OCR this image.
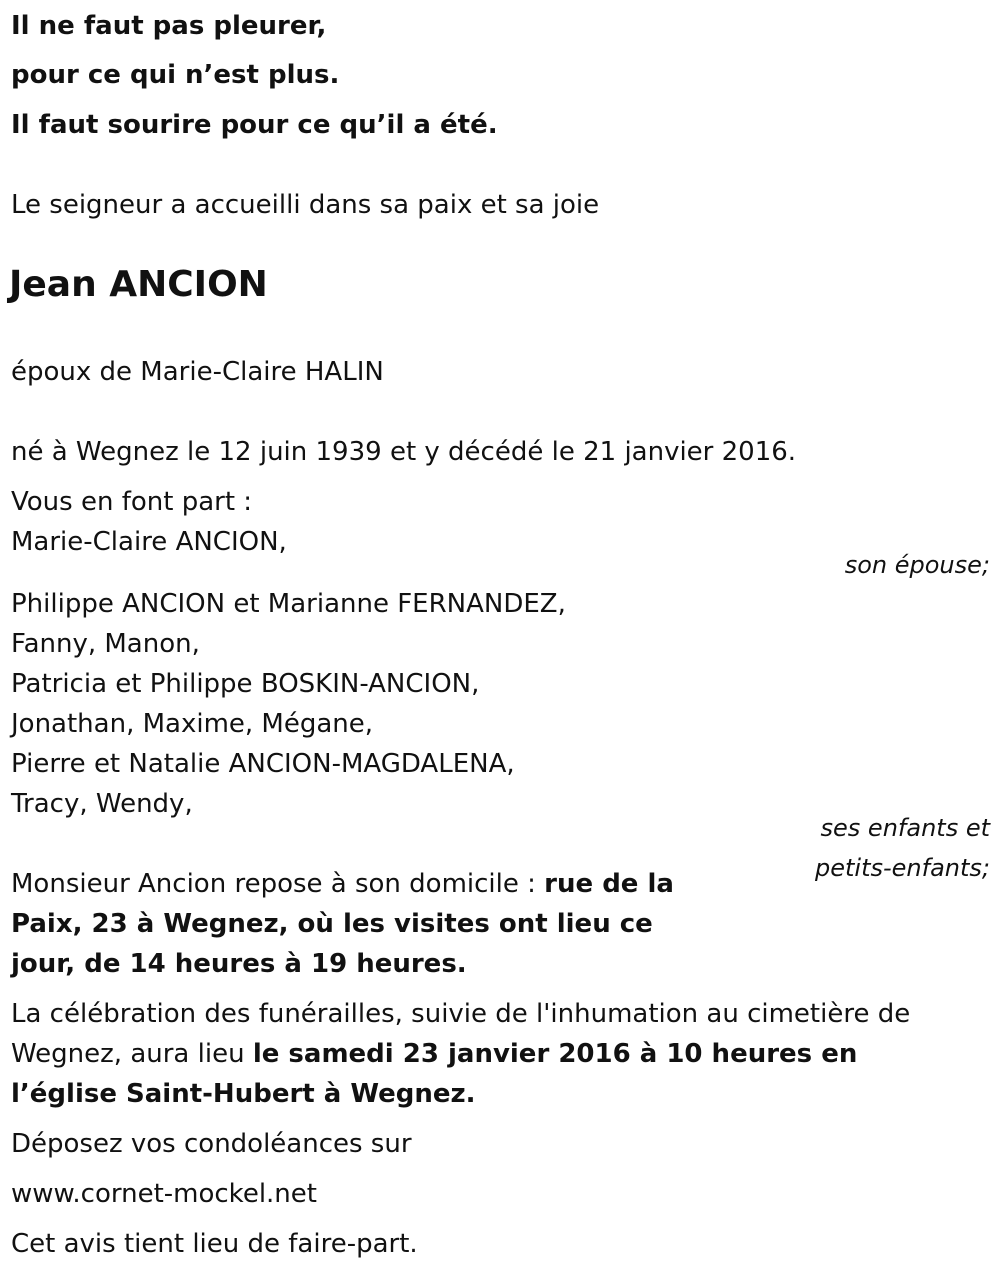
Il ne faut pas pleurer,

pour ce qui n’est plus.

Il faut sourire pour ce qu’il a été.

Le seigneur a accueilli dans sa paix et sa joie

Jean ANCION

époux de Marie-Claire HALIN

né à Wegnez le 12 juin 1939 et y décédé le 21 janvier 2016.

Vous en font part :

Marie-Claire ANCION,

son épouse;

Philippe ANCION et Marianne FERNANDEZ,

Fanny, Manon,

Patricia et Philippe BOSKIN-ANCION,

Jonathan, Maxime, Mégane,

Pierre et Natalie ANCION-MAGDALENA,

Tracy, Wendy,

ses enfants et
petits-enfants;

Monsieur Ancion repose à son domicile : rue de la Paix, 23 à Wegnez, où les visites ont lieu ce jour, de 14 heures à 19 heures.

La célébration des funérailles, suivie de l'inhumation au cimetière de Wegnez, aura lieu le samedi 23 janvier 2016 à 10 heures en l’église Saint-Hubert à Wegnez.

Déposez vos condoléances sur

www.cornet-mockel.net

Cet avis tient lieu de faire-part.
